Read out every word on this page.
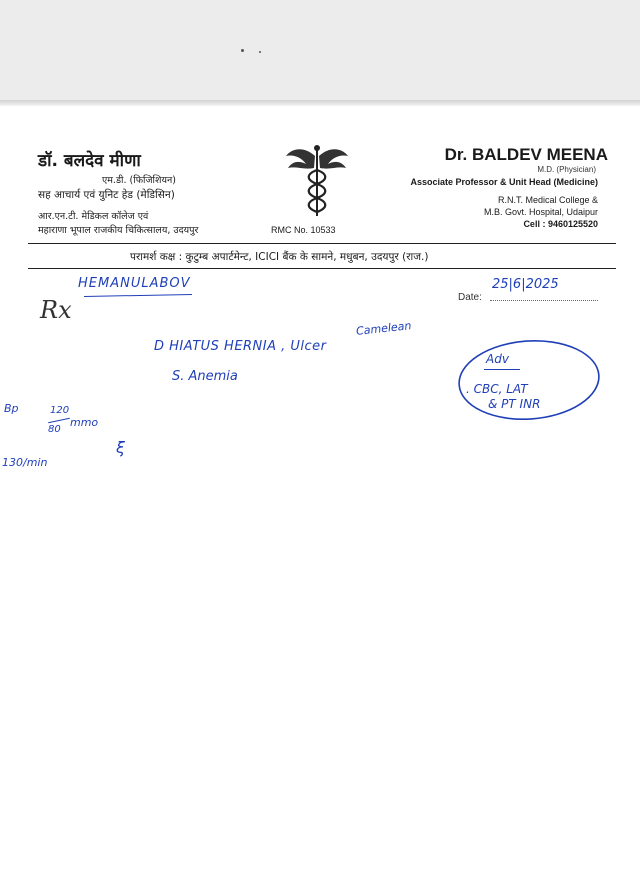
डॉ. बलदेव मीणा
एम.डी. (फिजिशियन)
सह आचार्य एवं युनिट हेड (मेडिसिन)
आर.एन.टी. मेडिकल कॉलेज एवं
महाराणा भूपाल राजकीय चिकित्सालय, उदयपुर	RMC No. 10533
Dr. BALDEV MEENA
M.D. (Physician)
Associate Professor & Unit Head (Medicine)
R.N.T. Medical College &
M.B. Govt. Hospital, Udaipur
Cell : 9460125520
परामर्श कक्ष : कुटुम्ब अपार्टमेन्ट, ICICI बैंक के सामने, मधुबन, उदयपुर (राज.)
Rx	Date:
HEMANULABOV	25|6|2025
Camelean
D HIATUS HERNIA , Ulcer
S. Anemia
Adv
. CBC, LAT
& PT INR
Bp	120
80
mmo
ξ
130/min
